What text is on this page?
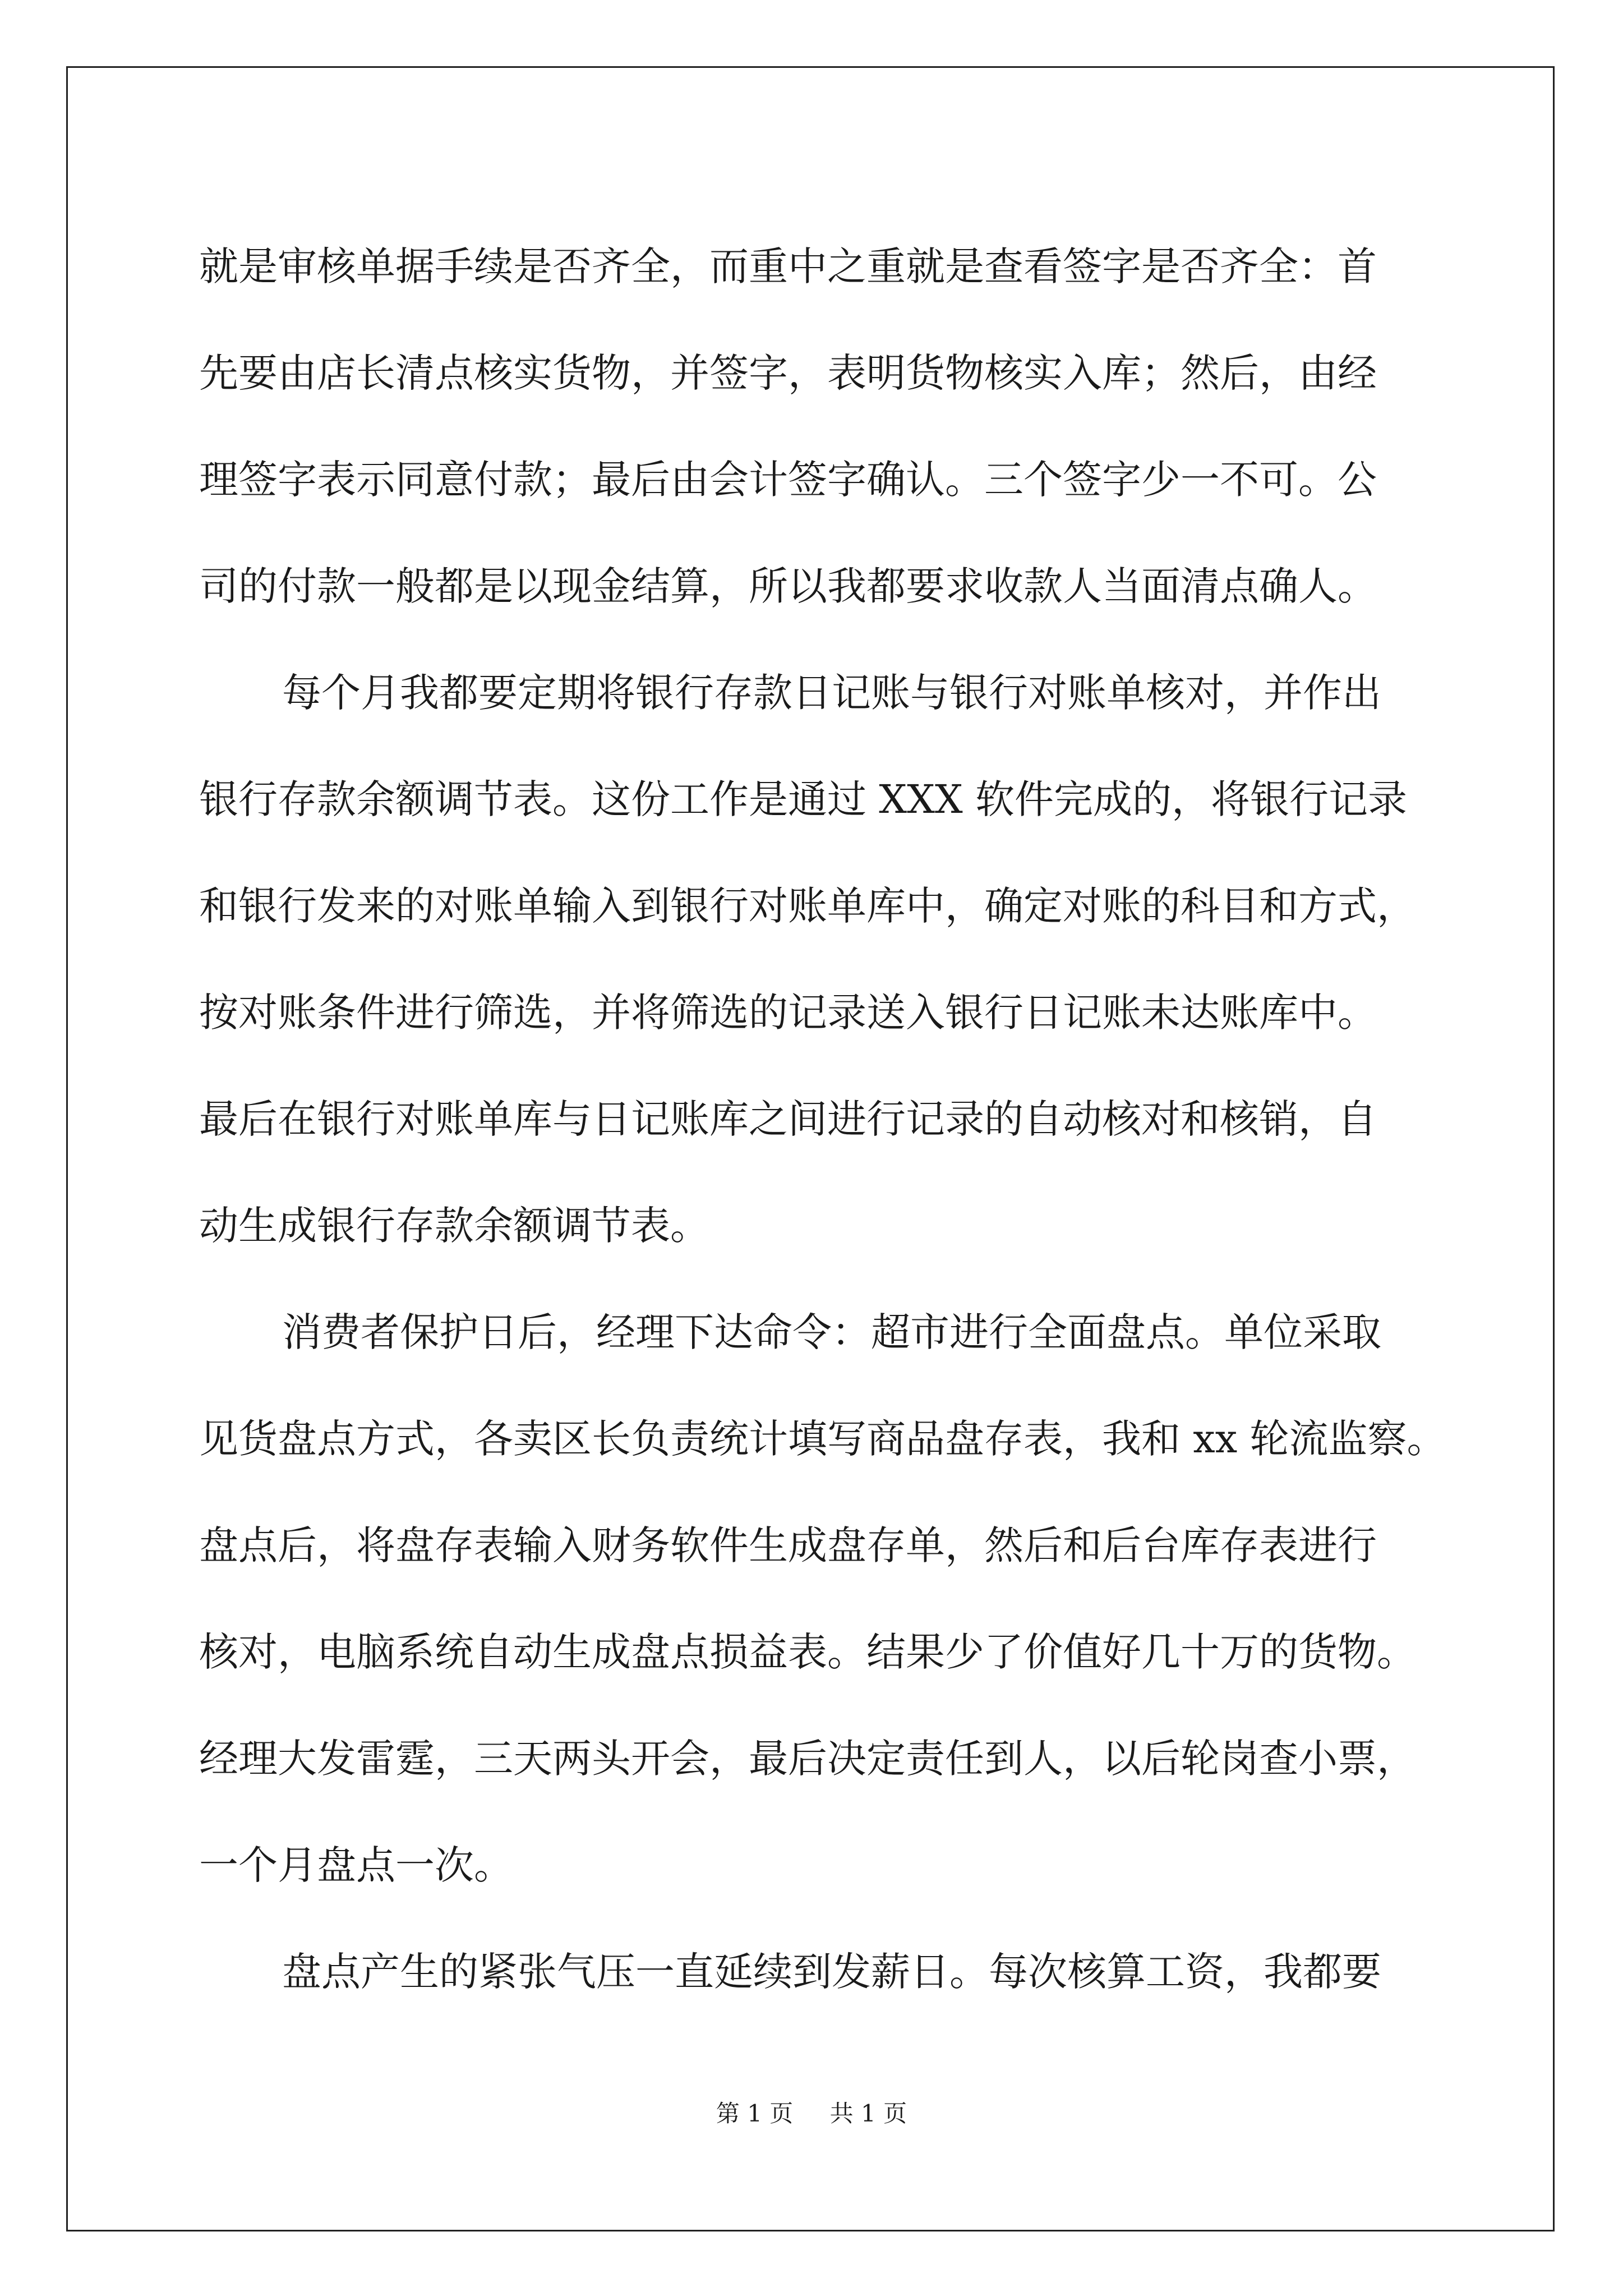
就是审核单据手续是否齐全，而重中之重就是查看签字是否齐全：首
先要由店长清点核实货物，并签字，表明货物核实入库；然后，由经
理签字表示同意付款；最后由会计签字确认。三个签字少一不可。公
司的付款一般都是以现金结算，所以我都要求收款人当面清点确人。
每个月我都要定期将银行存款日记账与银行对账单核对，并作出
银行存款余额调节表。这份工作是通过 XXX 软件完成的，将银行记录
和银行发来的对账单输入到银行对账单库中，确定对账的科目和方式，
按对账条件进行筛选，并将筛选的记录送入银行日记账未达账库中。
最后在银行对账单库与日记账库之间进行记录的自动核对和核销，自
动生成银行存款余额调节表。
消费者保护日后，经理下达命令：超市进行全面盘点。单位采取
见货盘点方式，各卖区长负责统计填写商品盘存表，我和 xx 轮流监察。
盘点后，将盘存表输入财务软件生成盘存单，然后和后台库存表进行
核对，电脑系统自动生成盘点损益表。结果少了价值好几十万的货物。
经理大发雷霆，三天两头开会，最后决定责任到人，以后轮岗查小票，
一个月盘点一次。
盘点产生的紧张气压一直延续到发薪日。每次核算工资，我都要
第 1 页 共 1 页
